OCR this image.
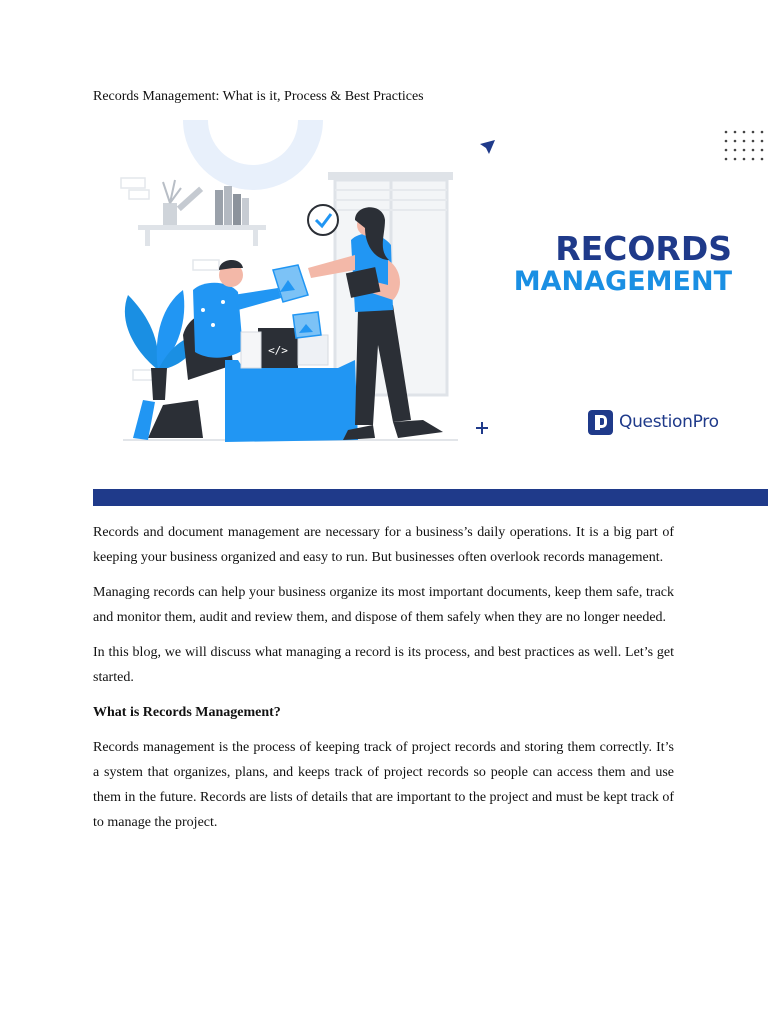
Records Management: What is it, Process & Best Practices
</>
RECORDS
MANAGEMENT
QuestionPro

Records and document management are necessary for a business’s daily operations. It is a big part of keeping your business organized and easy to run. But businesses often overlook records management.

Managing records can help your business organize its most important documents, keep them safe, track and monitor them, audit and review them, and dispose of them safely when they are no longer needed.

In this blog, we will discuss what managing a record is its process, and best practices as well. Let’s get started.

What is Records Management?

Records management is the process of keeping track of project records and storing them correctly. It’s a system that organizes, plans, and keeps track of project records so people can access them and use them in the future. Records are lists of details that are important to the project and must be kept track of to manage the project.
